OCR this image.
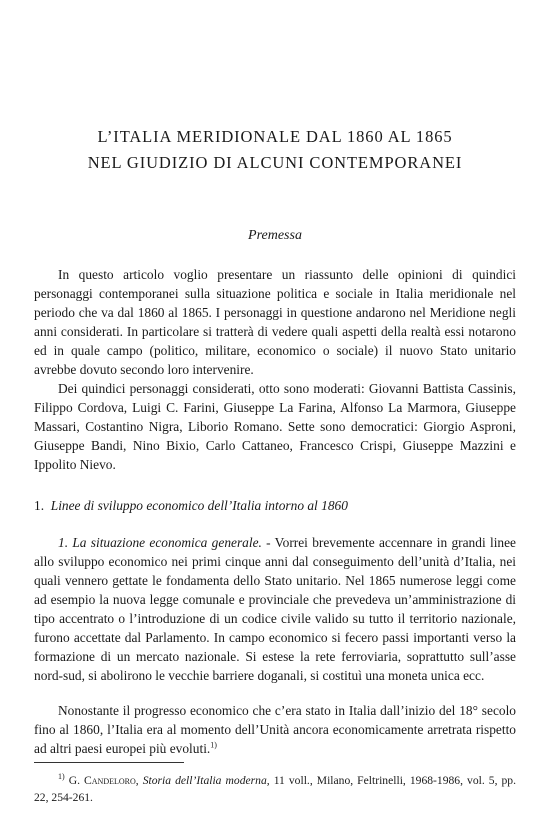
L’ITALIA MERIDIONALE DAL 1860 AL 1865
NEL GIUDIZIO DI ALCUNI CONTEMPORANEI
Premessa
In questo articolo voglio presentare un riassunto delle opinioni di quindici personaggi contemporanei sulla situazione politica e sociale in Italia meridionale nel periodo che va dal 1860 al 1865. I personaggi in questione andarono nel Meridione negli anni considerati. In particolare si tratterà di vedere quali aspetti della realtà essi notarono ed in quale campo (politico, militare, economico o sociale) il nuovo Stato unitario avrebbe dovuto secondo loro intervenire.
Dei quindici personaggi considerati, otto sono moderati: Giovanni Battista Cassinis, Filippo Cordova, Luigi C. Farini, Giuseppe La Farina, Alfonso La Marmora, Giuseppe Massari, Costantino Nigra, Liborio Romano. Sette sono democratici: Giorgio Asproni, Giuseppe Bandi, Nino Bixio, Carlo Cattaneo, Francesco Crispi, Giuseppe Mazzini e Ippolito Nievo.
1. Linee di sviluppo economico dell’Italia intorno al 1860
1. La situazione economica generale. - Vorrei brevemente accennare in grandi linee allo sviluppo economico nei primi cinque anni dal conseguimento dell’unità d’Italia, nei quali vennero gettate le fondamenta dello Stato unitario. Nel 1865 numerose leggi come ad esempio la nuova legge comunale e provinciale che prevedeva un’amministrazione di tipo accentrato o l’introduzione di un codice civile valido su tutto il territorio nazionale, furono accettate dal Parlamento. In campo economico si fecero passi importanti verso la formazione di un mercato nazionale. Si estese la rete ferroviaria, soprattutto sull’asse nord-sud, si abolirono le vecchie barriere doganali, si costituì una moneta unica ecc.
Nonostante il progresso economico che c’era stato in Italia dall’inizio del 18° secolo fino al 1860, l’Italia era al momento dell’Unità ancora economicamente arretrata rispetto ad altri paesi europei più evoluti.$^{1)}$
$^{1)}$ G. Candeloro, Storia dell’Italia moderna, 11 voll., Milano, Feltrinelli, 1968-1986, vol. 5, pp. 22, 254-261.
